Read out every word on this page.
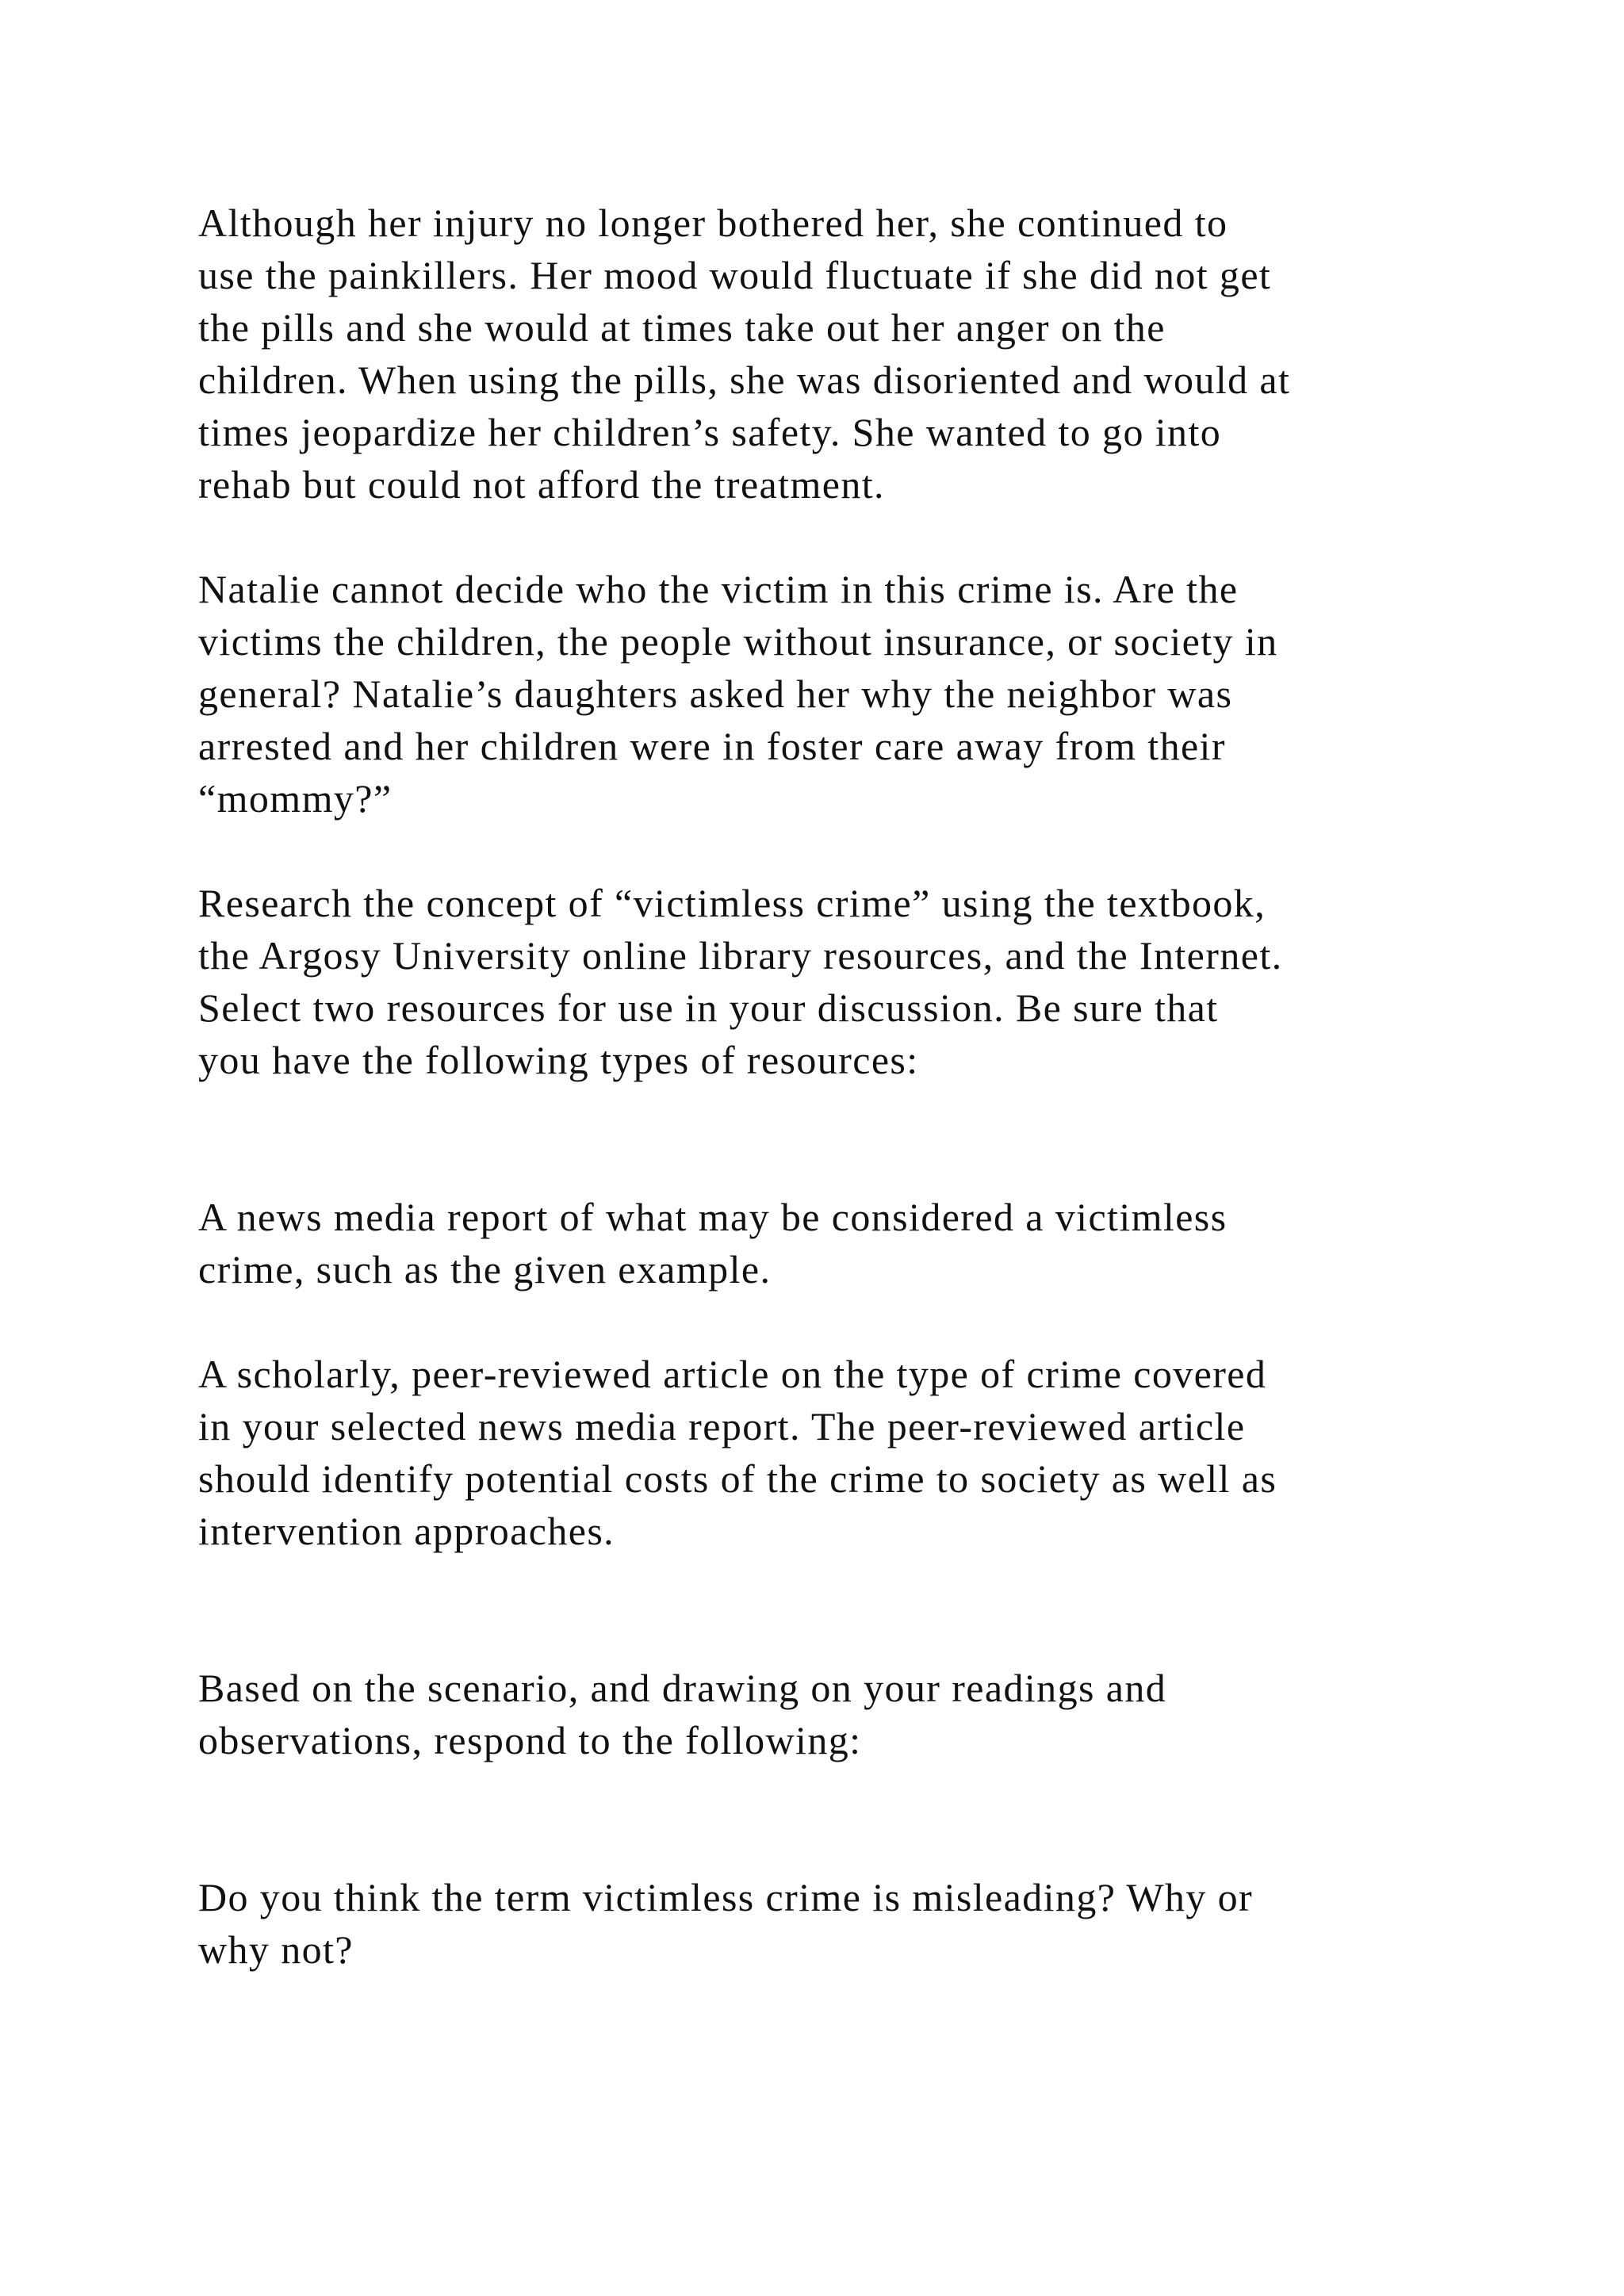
Although her injury no longer bothered her, she continued to

use the painkillers. Her mood would fluctuate if she did not get

the pills and she would at times take out her anger on the

children. When using the pills, she was disoriented and would at

times jeopardize her children’s safety. She wanted to go into

rehab but could not afford the treatment.

Natalie cannot decide who the victim in this crime is. Are the

victims the children, the people without insurance, or society in

general? Natalie’s daughters asked her why the neighbor was

arrested and her children were in foster care away from their

“mommy?”

Research the concept of “victimless crime” using the textbook,

the Argosy University online library resources, and the Internet.

Select two resources for use in your discussion. Be sure that

you have the following types of resources:

A news media report of what may be considered a victimless

crime, such as the given example.

A scholarly, peer-reviewed article on the type of crime covered

in your selected news media report. The peer-reviewed article

should identify potential costs of the crime to society as well as

intervention approaches.

Based on the scenario, and drawing on your readings and

observations, respond to the following:

Do you think the term victimless crime is misleading? Why or

why not?
